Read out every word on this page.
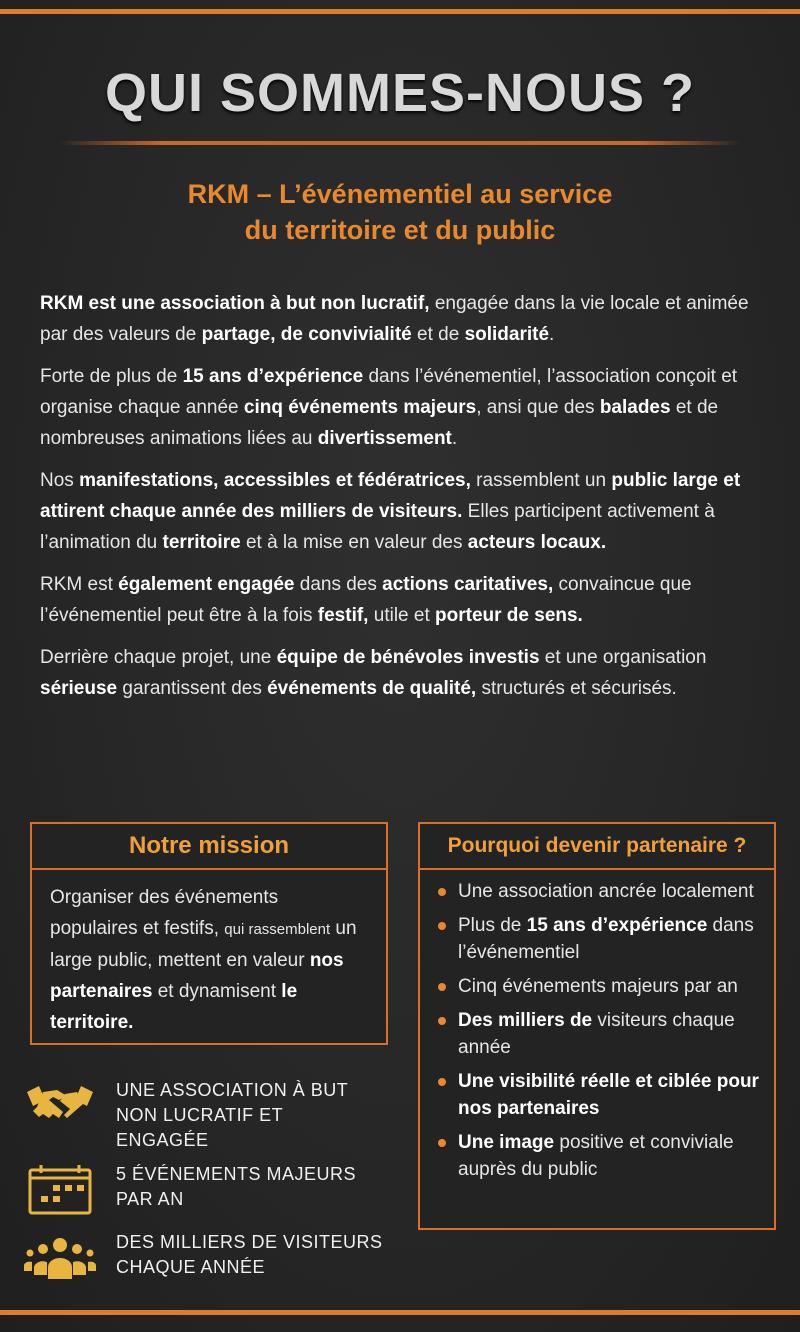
QUI SOMMES-NOUS ?
RKM – L’événementiel au service
du territoire et du public

RKM est une association à but non lucratif, engagée dans la vie locale et animée par des valeurs de partage, de convivialité et de solidarité.

Forte de plus de 15 ans d’expérience dans l’événementiel, l’association conçoit et organise chaque année cinq événements majeurs, ansi que des balades et de nombreuses animations liées au divertissement.

Nos manifestations, accessibles et fédératrices, rassemblent un public large et attirent chaque année des milliers de visiteurs. Elles participent activement à l’animation du territoire et à la mise en valeur des acteurs locaux.

RKM est également engagée dans des actions caritatives, convaincue que l’événementiel peut être à la fois festif, utile et porteur de sens.

Derrière chaque projet, une équipe de bénévoles investis et une organisation sérieuse garantissent des événements de qualité, structurés et sécurisés.

Notre mission
Organiser des événements populaires et festifs, qui rassemblent un large public, mettent en valeur nos partenaires et dynamisent le territoire.
Pourquoi devenir partenaire ?
Une association ancrée localement
Plus de 15 ans d’expérience dans l’événementiel
Cinq événements majeurs par an
Des milliers de visiteurs chaque année
Une visibilité réelle et ciblée pour nos partenaires
Une image positive et conviviale auprès du public
UNE ASSOCIATION À BUT NON LUCRATIF ET ENGAGÉE
5 ÉVÉNEMENTS MAJEURS PAR AN
DES MILLIERS DE VISITEURS CHAQUE ANNÉE
